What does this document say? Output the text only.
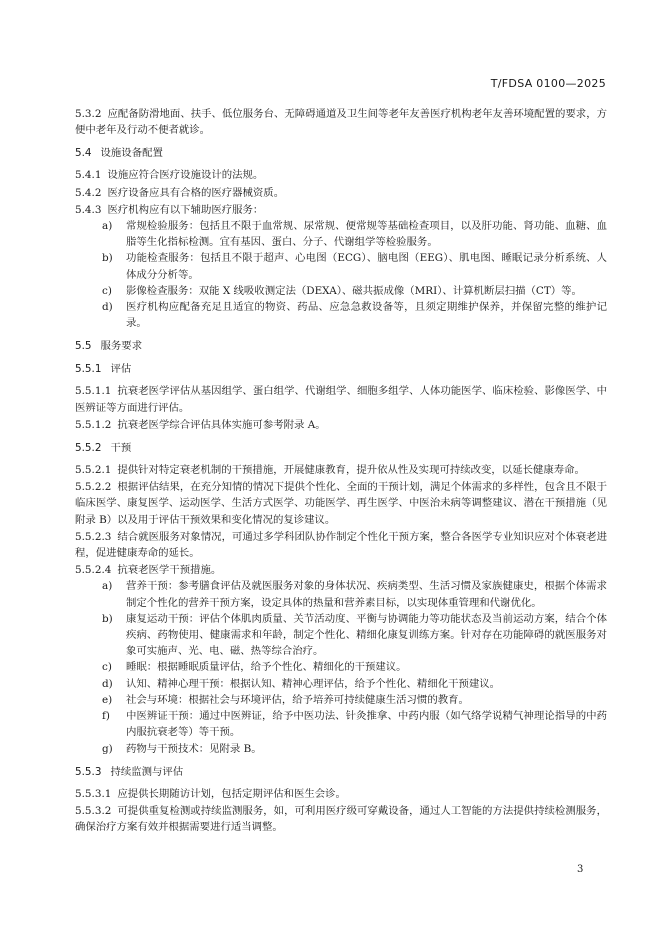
T/FDSA 0100—2025

5.3.2 应配备防滑地面、扶手、低位服务台、无障碍通道及卫生间等老年友善医疗机构老年友善环境配置的要求，方便中老年及行动不便者就诊。

5.4 设施设备配置

5.4.1 设施应符合医疗设施设计的法规。

5.4.2 医疗设备应具有合格的医疗器械资质。

5.4.3 医疗机构应有以下辅助医疗服务：

a)	常规检验服务：包括且不限于血常规、尿常规、便常规等基础检查项目，以及肝功能、肾功能、血糖、血脂等生化指标检测。宜有基因、蛋白、分子、代谢组学等检验服务。
b)	功能检查服务：包括且不限于超声、心电图（ECG）、脑电图（EEG）、肌电图、睡眠记录分析系统、人体成分分析等。
c)	影像检查服务：双能 X 线吸收测定法（DEXA）、磁共振成像（MRI）、计算机断层扫描（CT）等。
d)	医疗机构应配备充足且适宜的物资、药品、应急急救设备等，且须定期维护保养，并保留完整的维护记录。
5.5 服务要求
5.5.1 评估

5.5.1.1 抗衰老医学评估从基因组学、蛋白组学、代谢组学、细胞多组学、人体功能医学、临床检验、影像医学、中医辨证等方面进行评估。

5.5.1.2 抗衰老医学综合评估具体实施可参考附录 A。

5.5.2 干预

5.5.2.1 提供针对特定衰老机制的干预措施，开展健康教育，提升依从性及实现可持续改变，以延长健康寿命。

5.5.2.2 根据评估结果，在充分知情的情况下提供个性化、全面的干预计划，满足个体需求的多样性，包含且不限于临床医学、康复医学、运动医学、生活方式医学、功能医学、再生医学、中医治未病等调整建议、潜在干预措施（见附录 B）以及用于评估干预效果和变化情况的复诊建议。

5.5.2.3 结合就医服务对象情况，可通过多学科团队协作制定个性化干预方案，整合各医学专业知识应对个体衰老进程，促进健康寿命的延长。

5.5.2.4 抗衰老医学干预措施。

a)	营养干预：参考膳食评估及就医服务对象的身体状况、疾病类型、生活习惯及家族健康史，根据个体需求制定个性化的营养干预方案，设定具体的热量和营养素目标，以实现体重管理和代谢优化。
b)	康复运动干预：评估个体肌肉质量、关节活动度、平衡与协调能力等功能状态及当前运动方案，结合个体疾病、药物使用、健康需求和年龄，制定个性化、精细化康复训练方案。针对存在功能障碍的就医服务对象可实施声、光、电、磁、热等综合治疗。
c)	睡眠：根据睡眠质量评估，给予个性化、精细化的干预建议。
d)	认知、精神心理干预：根据认知、精神心理评估，给予个性化、精细化干预建议。
e)	社会与环境：根据社会与环境评估，给予培养可持续健康生活习惯的教育。
f)	中医辨证干预：通过中医辨证，给予中医功法、针灸推拿、中药内服（如气络学说精气神理论指导的中药内服抗衰老等）等干预。
g)	药物与干预技术：见附录 B。
5.5.3 持续监测与评估

5.5.3.1 应提供长期随访计划，包括定期评估和医生会诊。

5.5.3.2 可提供重复检测或持续监测服务，如，可利用医疗级可穿戴设备，通过人工智能的方法提供持续检测服务，确保治疗方案有效并根据需要进行适当调整。

3
